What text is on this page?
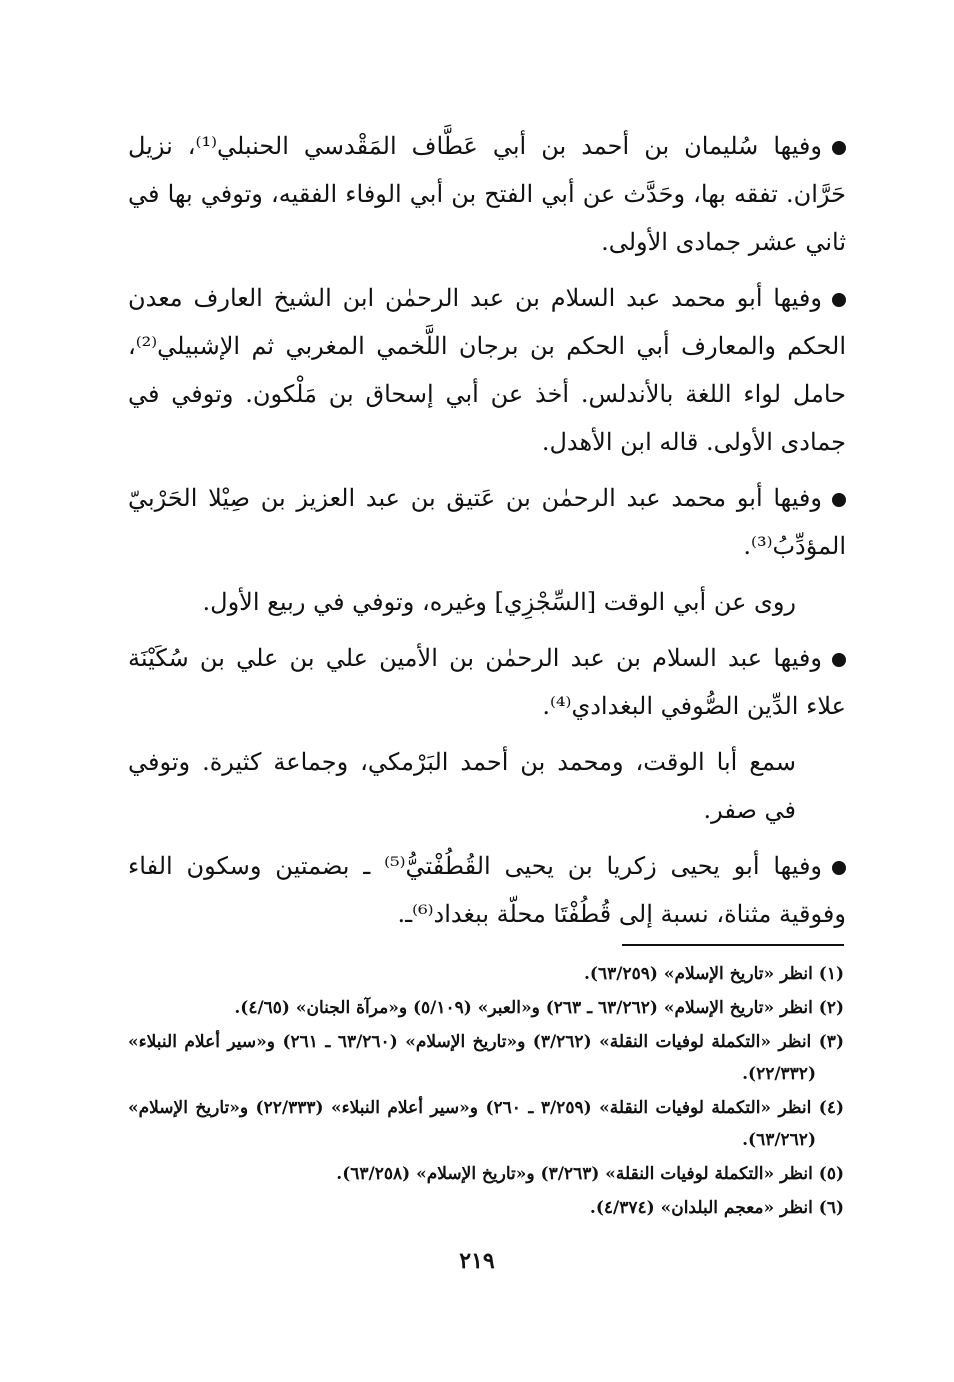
وفيها سُليمان بن أحمد بن أبي عَطَّاف المَقْدسي الحنبلي⁽¹⁾، نزيل حَرَّان. تفقه بها، وحَدَّث عن أبي الفتح بن أبي الوفاء الفقيه، وتوفي بها في ثاني عشر جمادى الأولى.

وفيها أبو محمد عبد السلام بن عبد الرحمٰن ابن الشيخ العارف معدن الحكم والمعارف أبي الحكم بن برجان اللَّخمي المغربي ثم الإشبيلي⁽²⁾، حامل لواء اللغة بالأندلس. أخذ عن أبي إسحاق بن مَلْكون. وتوفي في جمادى الأولى. قاله ابن الأهدل.

وفيها أبو محمد عبد الرحمٰن بن عَتيق بن عبد العزيز بن صِيْلا الحَرْبيّ المؤدِّبُ⁽³⁾.

روى عن أبي الوقت [السِّجْزِي] وغيره، وتوفي في ربيع الأول.

وفيها عبد السلام بن عبد الرحمٰن بن الأمين علي بن علي بن سُكَيْنَة علاء الدِّين الصُّوفي البغدادي⁽⁴⁾.

سمع أبا الوقت، ومحمد بن أحمد البَرْمكي، وجماعة كثيرة. وتوفي في صفر.

وفيها أبو يحيى زكريا بن يحيى القُطُفْتيُّ⁽⁵⁾ ـ بضمتين وسكون الفاء وفوقية مثناة، نسبة إلى قُطُفْتَا محلّة ببغداد⁽⁶⁾ـ.

(١) انظر «تاريخ الإسلام» (٦٣/٢٥٩).

(٢) انظر «تاريخ الإسلام» (٦٣/٢٦٢ ـ ٢٦٣) و«العبر» (٥/١٠٩) و«مرآة الجنان» (٤/٦٥).

(٣) انظر «التكملة لوفيات النقلة» (٣/٢٦٢) و«تاريخ الإسلام» (٦٣/٢٦٠ ـ ٢٦١) و«سير أعلام النبلاء» (٢٢/٣٣٢).

(٤) انظر «التكملة لوفيات النقلة» (٣/٢٥٩ ـ ٢٦٠) و«سير أعلام النبلاء» (٢٢/٣٣٣) و«تاريخ الإسلام» (٦٣/٢٦٢).

(٥) انظر «التكملة لوفيات النقلة» (٣/٢٦٣) و«تاريخ الإسلام» (٦٣/٢٥٨).

(٦) انظر «معجم البلدان» (٤/٣٧٤).

٢١٩
